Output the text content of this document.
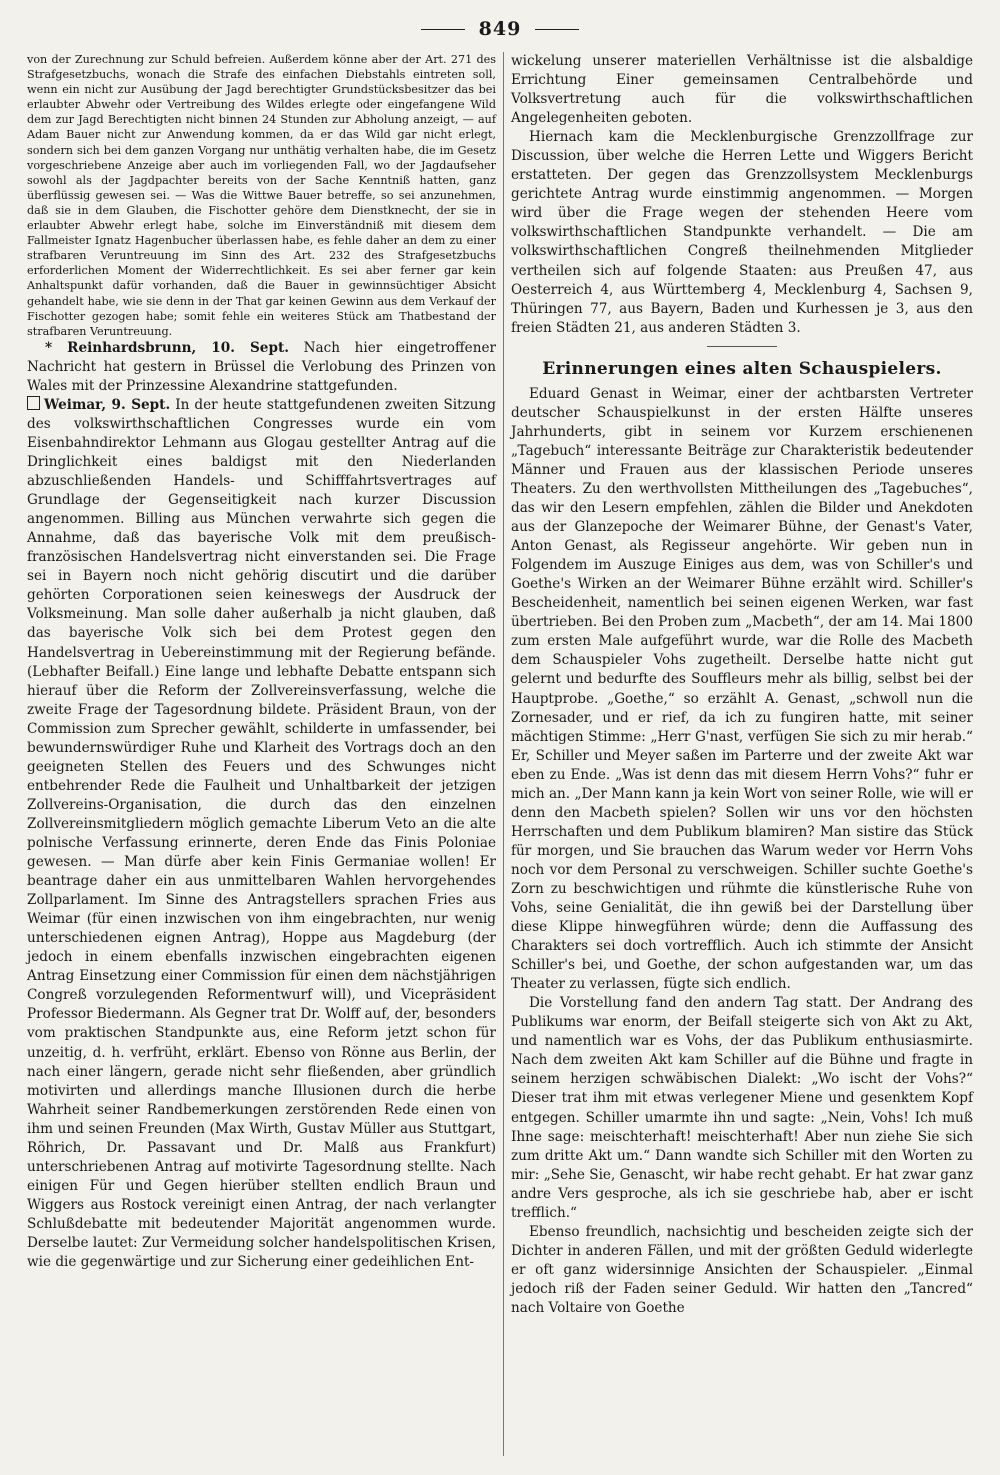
849

von der Zurechnung zur Schuld befreien. Außerdem könne aber der Art. 271 des Strafgesetzbuchs, wonach die Strafe des einfachen Diebstahls eintreten soll, wenn ein nicht zur Ausübung der Jagd berechtigter Grundstücksbesitzer das bei erlaubter Abwehr oder Vertreibung des Wildes erlegte oder eingefangene Wild dem zur Jagd Berechtigten nicht binnen 24 Stunden zur Abholung anzeigt, — auf Adam Bauer nicht zur Anwendung kommen, da er das Wild gar nicht erlegt, sondern sich bei dem ganzen Vorgang nur unthätig verhalten habe, die im Gesetz vorgeschriebene Anzeige aber auch im vorliegenden Fall, wo der Jagdaufseher sowohl als der Jagdpachter bereits von der Sache Kenntniß hatten, ganz überflüssig gewesen sei. — Was die Wittwe Bauer betreffe, so sei anzunehmen, daß sie in dem Glauben, die Fischotter gehöre dem Dienstknecht, der sie in erlaubter Abwehr erlegt habe, solche im Einverständniß mit diesem dem Fallmeister Ignatz Hagenbucher überlassen habe, es fehle daher an dem zu einer strafbaren Veruntreuung im Sinn des Art. 232 des Strafgesetzbuchs erforderlichen Moment der Widerrechtlichkeit. Es sei aber ferner gar kein Anhaltspunkt dafür vorhanden, daß die Bauer in gewinnsüchtiger Absicht gehandelt habe, wie sie denn in der That gar keinen Gewinn aus dem Verkauf der Fischotter gezogen habe; somit fehle ein weiteres Stück am Thatbestand der strafbaren Veruntreuung.

* Reinhardsbrunn, 10. Sept. Nach hier eingetroffener Nachricht hat gestern in Brüssel die Verlobung des Prinzen von Wales mit der Prinzessine Alexandrine stattgefunden.

Weimar, 9. Sept. In der heute stattgefundenen zweiten Sitzung des volkswirthschaftlichen Congresses wurde ein vom Eisenbahndirektor Lehmann aus Glogau gestellter Antrag auf die Dringlichkeit eines baldigst mit den Niederlanden abzuschließenden Handels- und Schifffahrtsvertrages auf Grundlage der Gegenseitigkeit nach kurzer Discussion angenommen. Billing aus München verwahrte sich gegen die Annahme, daß das bayerische Volk mit dem preußisch-französischen Handelsvertrag nicht einverstanden sei. Die Frage sei in Bayern noch nicht gehörig discutirt und die darüber gehörten Corporationen seien keineswegs der Ausdruck der Volksmeinung. Man solle daher außerhalb ja nicht glauben, daß das bayerische Volk sich bei dem Protest gegen den Handelsvertrag in Uebereinstimmung mit der Regierung befände. (Lebhafter Beifall.) Eine lange und lebhafte Debatte entspann sich hierauf über die Reform der Zollvereinsverfassung, welche die zweite Frage der Tagesordnung bildete. Präsident Braun, von der Commission zum Sprecher gewählt, schilderte in umfassender, bei bewundernswürdiger Ruhe und Klarheit des Vortrags doch an den geeigneten Stellen des Feuers und des Schwunges nicht entbehrender Rede die Faulheit und Unhaltbarkeit der jetzigen Zollvereins-Organisation, die durch das den einzelnen Zollvereinsmitgliedern möglich gemachte Liberum Veto an die alte polnische Verfassung erinnerte, deren Ende das Finis Poloniae gewesen. — Man dürfe aber kein Finis Germaniae wollen! Er beantrage daher ein aus unmittelbaren Wahlen hervorgehendes Zollparlament. Im Sinne des Antragstellers sprachen Fries aus Weimar (für einen inzwischen von ihm eingebrachten, nur wenig unterschiedenen eignen Antrag), Hoppe aus Magdeburg (der jedoch in einem ebenfalls inzwischen eingebrachten eigenen Antrag Einsetzung einer Commission für einen dem nächstjährigen Congreß vorzulegenden Reformentwurf will), und Vicepräsident Professor Biedermann. Als Gegner trat Dr. Wolff auf, der, besonders vom praktischen Standpunkte aus, eine Reform jetzt schon für unzeitig, d. h. verfrüht, erklärt. Ebenso von Rönne aus Berlin, der nach einer längern, gerade nicht sehr fließenden, aber gründlich motivirten und allerdings manche Illusionen durch die herbe Wahrheit seiner Randbemerkungen zerstörenden Rede einen von ihm und seinen Freunden (Max Wirth, Gustav Müller aus Stuttgart, Röhrich, Dr. Passavant und Dr. Malß aus Frankfurt) unterschriebenen Antrag auf motivirte Tagesordnung stellte. Nach einigen Für und Gegen hierüber stellten endlich Braun und Wiggers aus Rostock vereinigt einen Antrag, der nach verlangter Schlußdebatte mit bedeutender Majorität angenommen wurde. Derselbe lautet: Zur Vermeidung solcher handelspolitischen Krisen, wie die gegenwärtige und zur Sicherung einer gedeihlichen Ent-

wickelung unserer materiellen Verhältnisse ist die alsbaldige Errichtung Einer gemeinsamen Centralbehörde und Volksvertretung auch für die volkswirthschaftlichen Angelegenheiten geboten.

Hiernach kam die Mecklenburgische Grenzzollfrage zur Discussion, über welche die Herren Lette und Wiggers Bericht erstatteten. Der gegen das Grenzzollsystem Mecklenburgs gerichtete Antrag wurde einstimmig angenommen. — Morgen wird über die Frage wegen der stehenden Heere vom volkswirthschaftlichen Standpunkte verhandelt. — Die am volkswirthschaftlichen Congreß theilnehmenden Mitglieder vertheilen sich auf folgende Staaten: aus Preußen 47, aus Oesterreich 4, aus Württemberg 4, Mecklenburg 4, Sachsen 9, Thüringen 77, aus Bayern, Baden und Kurhessen je 3, aus den freien Städten 21, aus anderen Städten 3.

Erinnerungen eines alten Schauspielers.

Eduard Genast in Weimar, einer der achtbarsten Vertreter deutscher Schauspielkunst in der ersten Hälfte unseres Jahrhunderts, gibt in seinem vor Kurzem erschienenen „Tagebuch“ interessante Beiträge zur Charakteristik bedeutender Männer und Frauen aus der klassischen Periode unseres Theaters. Zu den werthvollsten Mittheilungen des „Tagebuches“, das wir den Lesern empfehlen, zählen die Bilder und Anekdoten aus der Glanzepoche der Weimarer Bühne, der Genast's Vater, Anton Genast, als Regisseur angehörte. Wir geben nun in Folgendem im Auszuge Einiges aus dem, was von Schiller's und Goethe's Wirken an der Weimarer Bühne erzählt wird. Schiller's Bescheidenheit, namentlich bei seinen eigenen Werken, war fast übertrieben. Bei den Proben zum „Macbeth“, der am 14. Mai 1800 zum ersten Male aufgeführt wurde, war die Rolle des Macbeth dem Schauspieler Vohs zugetheilt. Derselbe hatte nicht gut gelernt und bedurfte des Souffleurs mehr als billig, selbst bei der Hauptprobe. „Goethe,“ so erzählt A. Genast, „schwoll nun die Zornesader, und er rief, da ich zu fungiren hatte, mit seiner mächtigen Stimme: „Herr G'nast, verfügen Sie sich zu mir herab.“ Er, Schiller und Meyer saßen im Parterre und der zweite Akt war eben zu Ende. „Was ist denn das mit diesem Herrn Vohs?“ fuhr er mich an. „Der Mann kann ja kein Wort von seiner Rolle, wie will er denn den Macbeth spielen? Sollen wir uns vor den höchsten Herrschaften und dem Publikum blamiren? Man sistire das Stück für morgen, und Sie brauchen das Warum weder vor Herrn Vohs noch vor dem Personal zu verschweigen. Schiller suchte Goethe's Zorn zu beschwichtigen und rühmte die künstlerische Ruhe von Vohs, seine Genialität, die ihn gewiß bei der Darstellung über diese Klippe hinwegführen würde; denn die Auffassung des Charakters sei doch vortrefflich. Auch ich stimmte der Ansicht Schiller's bei, und Goethe, der schon aufgestanden war, um das Theater zu verlassen, fügte sich endlich.

Die Vorstellung fand den andern Tag statt. Der Andrang des Publikums war enorm, der Beifall steigerte sich von Akt zu Akt, und namentlich war es Vohs, der das Publikum enthusiasmirte. Nach dem zweiten Akt kam Schiller auf die Bühne und fragte in seinem herzigen schwäbischen Dialekt: „Wo ischt der Vohs?“ Dieser trat ihm mit etwas verlegener Miene und gesenktem Kopf entgegen. Schiller umarmte ihn und sagte: „Nein, Vohs! Ich muß Ihne sage: meischterhaft! meischterhaft! Aber nun ziehe Sie sich zum dritte Akt um.“ Dann wandte sich Schiller mit den Worten zu mir: „Sehe Sie, Genascht, wir habe recht gehabt. Er hat zwar ganz andre Vers gesproche, als ich sie geschriebe hab, aber er ischt trefflich.“

Ebenso freundlich, nachsichtig und bescheiden zeigte sich der Dichter in anderen Fällen, und mit der größten Geduld widerlegte er oft ganz widersinnige Ansichten der Schauspieler. „Einmal jedoch riß der Faden seiner Geduld. Wir hatten den „Tancred“ nach Voltaire von Goethe
